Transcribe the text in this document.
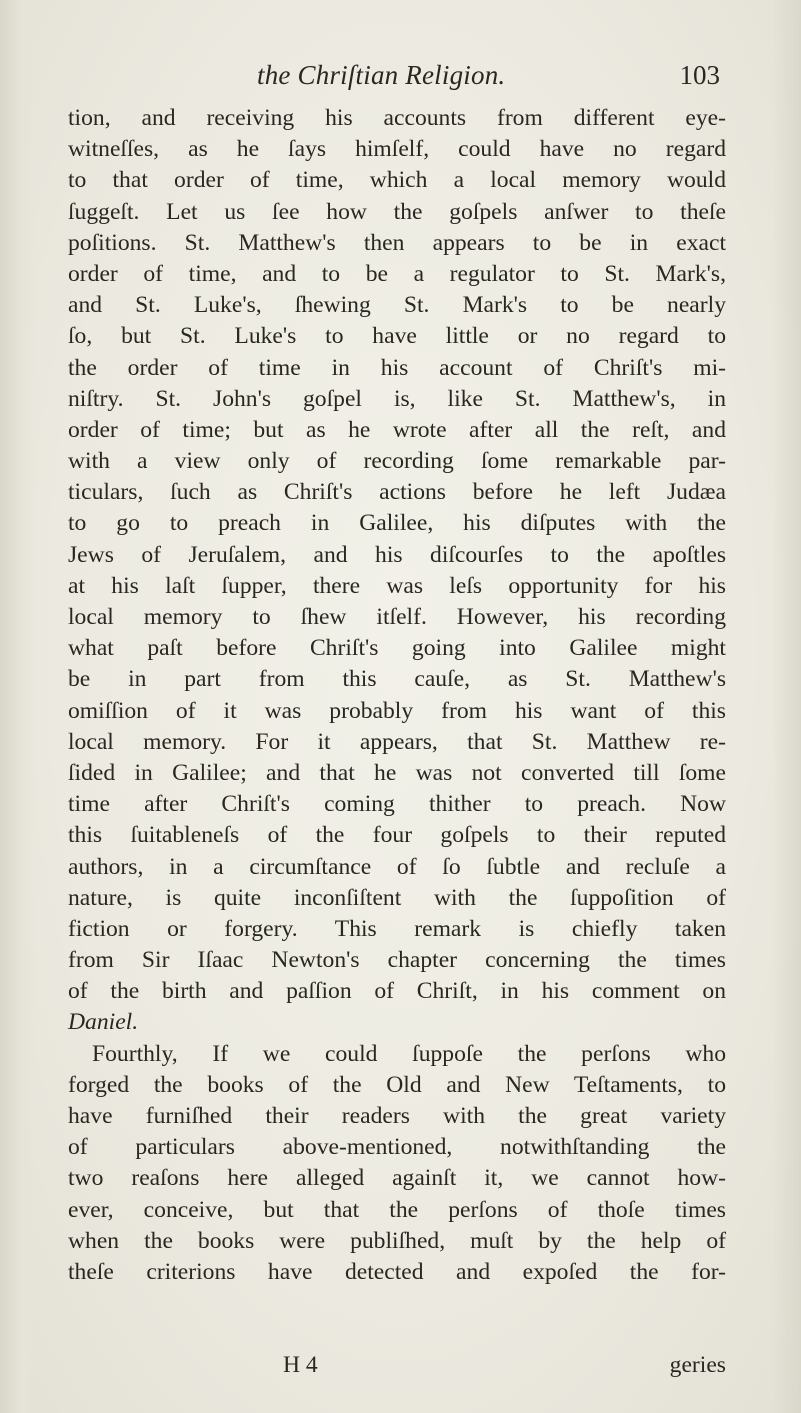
the Chriſtian Religion.	103
tion, and receiving his accounts from different eye-
witneſſes, as he ſays himſelf, could have no regard
to that order of time, which a local memory would
ſuggeſt. Let us ſee how the goſpels anſwer to theſe
poſitions. St. Matthew's then appears to be in exact
order of time, and to be a regulator to St. Mark's,
and St. Luke's, ſhewing St. Mark's to be nearly
ſo, but St. Luke's to have little or no regard to
the order of time in his account of Chriſt's mi-
niſtry. St. John's goſpel is, like St. Matthew's, in
order of time; but as he wrote after all the reſt, and
with a view only of recording ſome remarkable par-
ticulars, ſuch as Chriſt's actions before he left Judæa
to go to preach in Galilee, his diſputes with the
Jews of Jeruſalem, and his diſcourſes to the apoſtles
at his laſt ſupper, there was leſs opportunity for his
local memory to ſhew itſelf. However, his recording
what paſt before Chriſt's going into Galilee might
be in part from this cauſe, as St. Matthew's
omiſſion of it was probably from his want of this
local memory. For it appears, that St. Matthew re-
ſided in Galilee; and that he was not converted till ſome
time after Chriſt's coming thither to preach. Now
this ſuitableneſs of the four goſpels to their reputed
authors, in a circumſtance of ſo ſubtle and recluſe a
nature, is quite inconſiſtent with the ſuppoſition of
fiction or forgery. This remark is chiefly taken
from Sir Iſaac Newton's chapter concerning the times
of the birth and paſſion of Chriſt, in his comment on
Daniel.
Fourthly, If we could ſuppoſe the perſons who
forged the books of the Old and New Teſtaments, to
have furniſhed their readers with the great variety
of particulars above-mentioned, notwithſtanding the
two reaſons here alleged againſt it, we cannot how-
ever, conceive, but that the perſons of thoſe times
when the books were publiſhed, muſt by the help of
theſe criterions have detected and expoſed the for-
H 4	geries
